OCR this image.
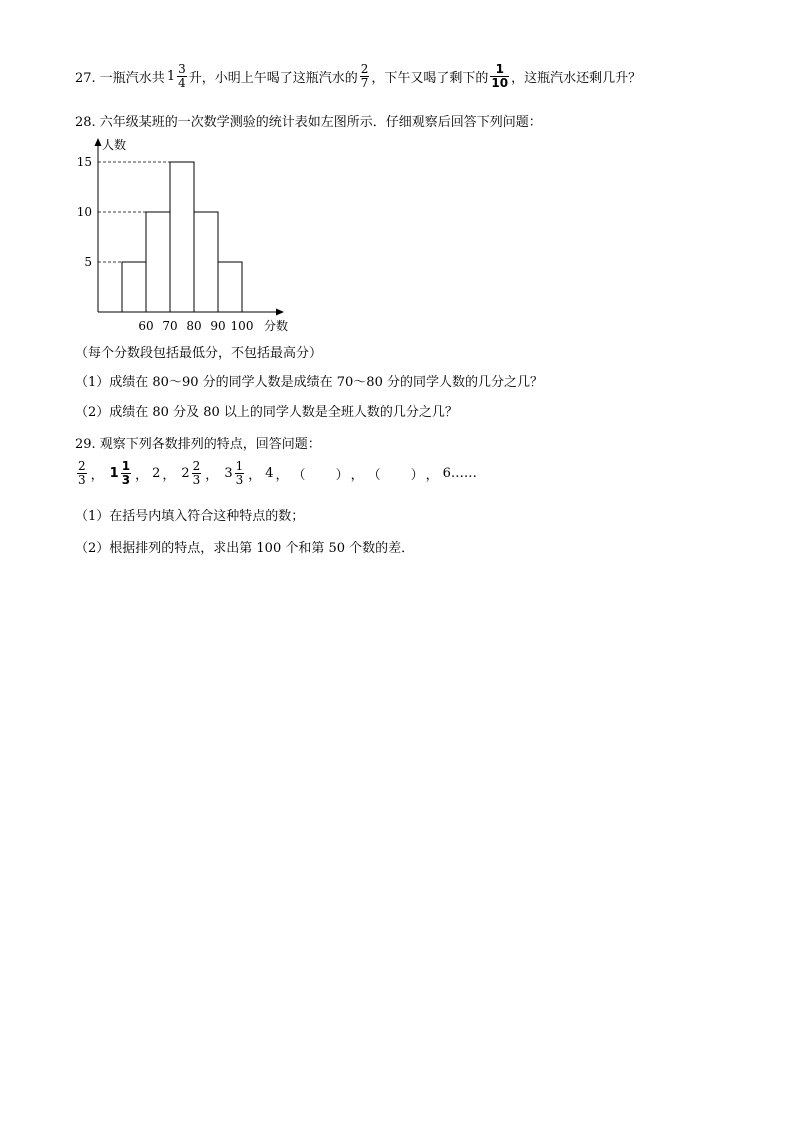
27. 一瓶汽水共 $1 \frac{3}{4}$ 升，小明上午喝了这瓶汽水的 $\frac{2}{7}$ ，下午又喝了剩下的 $\frac{1}{10}$ ，这瓶汽水还剩几升？
28. 六年级某班的一次数学测验的统计表如左图所示．仔细观察后回答下列问题：
人数
分数
5
10
15
60 70 80 90 100
（每个分数段包括最低分，不包括最高分）
（1）成绩在 80～90 分的同学人数是成绩在 70～80 分的同学人数的几分之几？
（2）成绩在 80 分及 80 以上的同学人数是全班人数的几分之几？
29. 观察下列各数排列的特点，回答问题：
$\frac{2}{3}$ ， $1 \frac{1}{3}$ ， 2 ， $2 \frac{2}{3}$ ， $3 \frac{1}{3}$ ， 4 ， （ ） ， （ ） ， 6……
（1）在括号内填入符合这种特点的数；
（2）根据排列的特点，求出第 100 个和第 50 个数的差．
